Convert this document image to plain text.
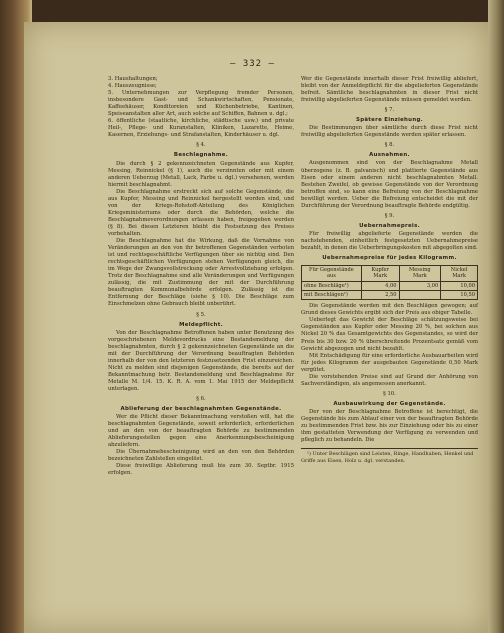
— 332 —

3. Haushaltungen;

4. Hauszeugnisse;

5. Unternehmungen zur Verpflegung fremder Personen, insbesondere Gast- und Schankwirtschaften, Pensionate, Kaffeehäuser, Konditoreien und Küchenbetriebe, Kantinen, Speiseanstalten aller Art, auch solche auf Schiffen, Bahnen u. dgl.;

6. öffentliche (staatliche, kirchliche, städtische usw.) und private Heil-, Pflege- und Kuranstalten, Kliniken, Lazarette, Heime, Kasernen, Erziehungs- und Strafanstalten, Kinderhäuser u. dgl.

§ 4.
Beschlagnahme.

Die durch § 2 gekennzeichneten Gegenstände aus Kupfer, Messing, Reinnickel (§ 1), auch die verzinnten oder mit einem anderen Ueberzug (Metall, Lack, Farbe u. dgl.) versehenen, werden hiermit beschlagnahmt.

Die Beschlagnahme erstreckt sich auf solche Gegenstände, die aus Kupfer, Messing und Reinnickel hergestellt worden sind, und von der Kriegs-Rohstoff-Abteilung des Königlichen Kriegsministeriums oder durch die Behörden, welche die Beschlagnahmeverordnungen erlassen haben, freigegeben werden (§ 8). Bei diesen Letzteren bleibt die Festsetzung des Preises vorbehalten.

Die Beschlagnahme hat die Wirkung, daß die Vornahme von Veränderungen an den von ihr betroffenen Gegenständen verboten ist und rechtsgeschäftliche Verfügungen über sie nichtig sind. Den rechtsgeschäftlichen Verfügungen stehen Verfügungen gleich, die im Wege der Zwangsvollstreckung oder Arrestvollziehung erfolgen. Trotz der Beschlagnahme sind alle Veränderungen und Verfügungen zulässig, die mit Zustimmung der mit der Durchführung beauftragten Kommunalbehörde erfolgen. Zulässig ist die Entfernung der Beschläge (siehe § 10). Die Beschläge zum Einschmelzen ohne Gebrauch bleibt unberührt.

§ 5.
Meldepflicht.

Von der Beschlagnahme Betroffenen haben unter Benutzung des vorgeschriebenen Meldevordrucks eine Bestandsmeldung der beschlagnahmten, durch § 2 gekennzeichneten Gegenstände an die mit der Durchführung der Verordnung beauftragten Behörden innerhalb der von den letzteren festzusetzenden Frist einzureichen. Nicht zu melden sind diejenigen Gegenstände, die bereits auf der Bekanntmachung betr. Bestandsmeldung und Beschlagnahme für Metalle M. 1/4. 15. K. R. A. vom 1. Mai 1915 der Meldepflicht unterlagen.

§ 6.
Ablieferung der beschlagnahmten Gegenstände.

Wer die Pflicht dieser Bekanntmachung verstoßen will, hat die beschlagnahmten Gegenstände, soweit erforderlich, erforderlichen und an den von der beauftragten Behörde zu bestimmenden Ablieferungsstellen gegen eine Anerkennungsbescheinigung abzuliefern.

Die Übernahmebescheinigung wird an den von den Behörden bezeichneten Zahlstellen eingelöst.

Diese freiwillige Ablieferung muß bis zum 30. Septbr. 1915 erfolgen.

Wer die Gegenstände innerhalb dieser Frist freiwillig abliefert, bleibt von der Anmeldepflicht für die abgelieferten Gegenstände befreit. Sämtliche beschlagnahmten in dieser Frist nicht freiwillig abgelieferten Gegenstände müssen gemeldet werden.

§ 7.
Spätere Einziehung.

Die Bestimmungen über sämtliche durch diese Frist nicht freiwillig abgelieferten Gegenstände werden später erlassen.

§ 8.
Ausnahmen.

Ausgenommen sind von der Beschlagnahme Metall überzogene (z. B. galvanisch) und plattierte Gegenstände aus Eisen oder einem anderen nicht beschlagnahmten Metall. Bestehen Zweifel, ob gewisse Gegenstände von der Verordnung betroffen sind, so kann eine Befreiung von der Beschlagnahme bewilligt werden. Ueber die Befreiung entscheidet die mit der Durchführung der Verordnung beauftragte Behörde endgültig.

§ 9.
Uebernahmepreis.

Für freiwillig abgelieferte Gegenstände werden die nachstehenden, einheitlich festgesetzten Uebernahmepreise bezahlt, in denen die Ueberbringungskosten mit abgegolten sind.

Uebernahmepreise für jedes Kilogramm.
Für Gegenstände aus	Kupfer Mark	Messing Mark	Nickel Mark
ohne Beschläge¹)	4,00	3,00	10,00
mit Beschlägen¹)	2,50		10,50

Die Gegenstände werden mit den Beschlägen gewogen; auf Grund dieses Gewichts ergibt sich der Preis aus obiger Tabelle.

Ueberlegt das Gewicht der Beschläge schätzungsweise bei Gegenständen aus Kupfer oder Messing 20 %, bei solchen aus Nickel 20 % das Gesamtgewichts des Gegenstandes, so wird der Preis bis 30 bzw. 20 % überschreitende Prozentsatz gemäß vom Gewicht abgezogen und nicht bezahlt.

Mit Entschädigung für eine erforderliche Ausbauarbeiten wird für jedes Kilogramm der ausgebauten Gegenstände 0,50 Mark vergütet.

Die vorstehenden Preise sind auf Grund der Anhörung von Sachverständigen, als angemessen anerkannt.

§ 10.
Ausbauwirkung der Gegenstände.

Der von der Beschlagnahme Betroffene ist berechtigt, die Gegenstände bis zum Ablauf einer von der beauftragten Behörde zu bestimmenden Frist bzw. bis zur Einziehung oder bis zu einer ihm gestatteten Verwendung der Verfügung zu verwenden und pfleglich zu behandeln. Die

¹) Unter Beschlägen sind Leisten, Ringe, Handhaben, Henkel und Griffe aus Eisen, Holz u. dgl. verstanden.
